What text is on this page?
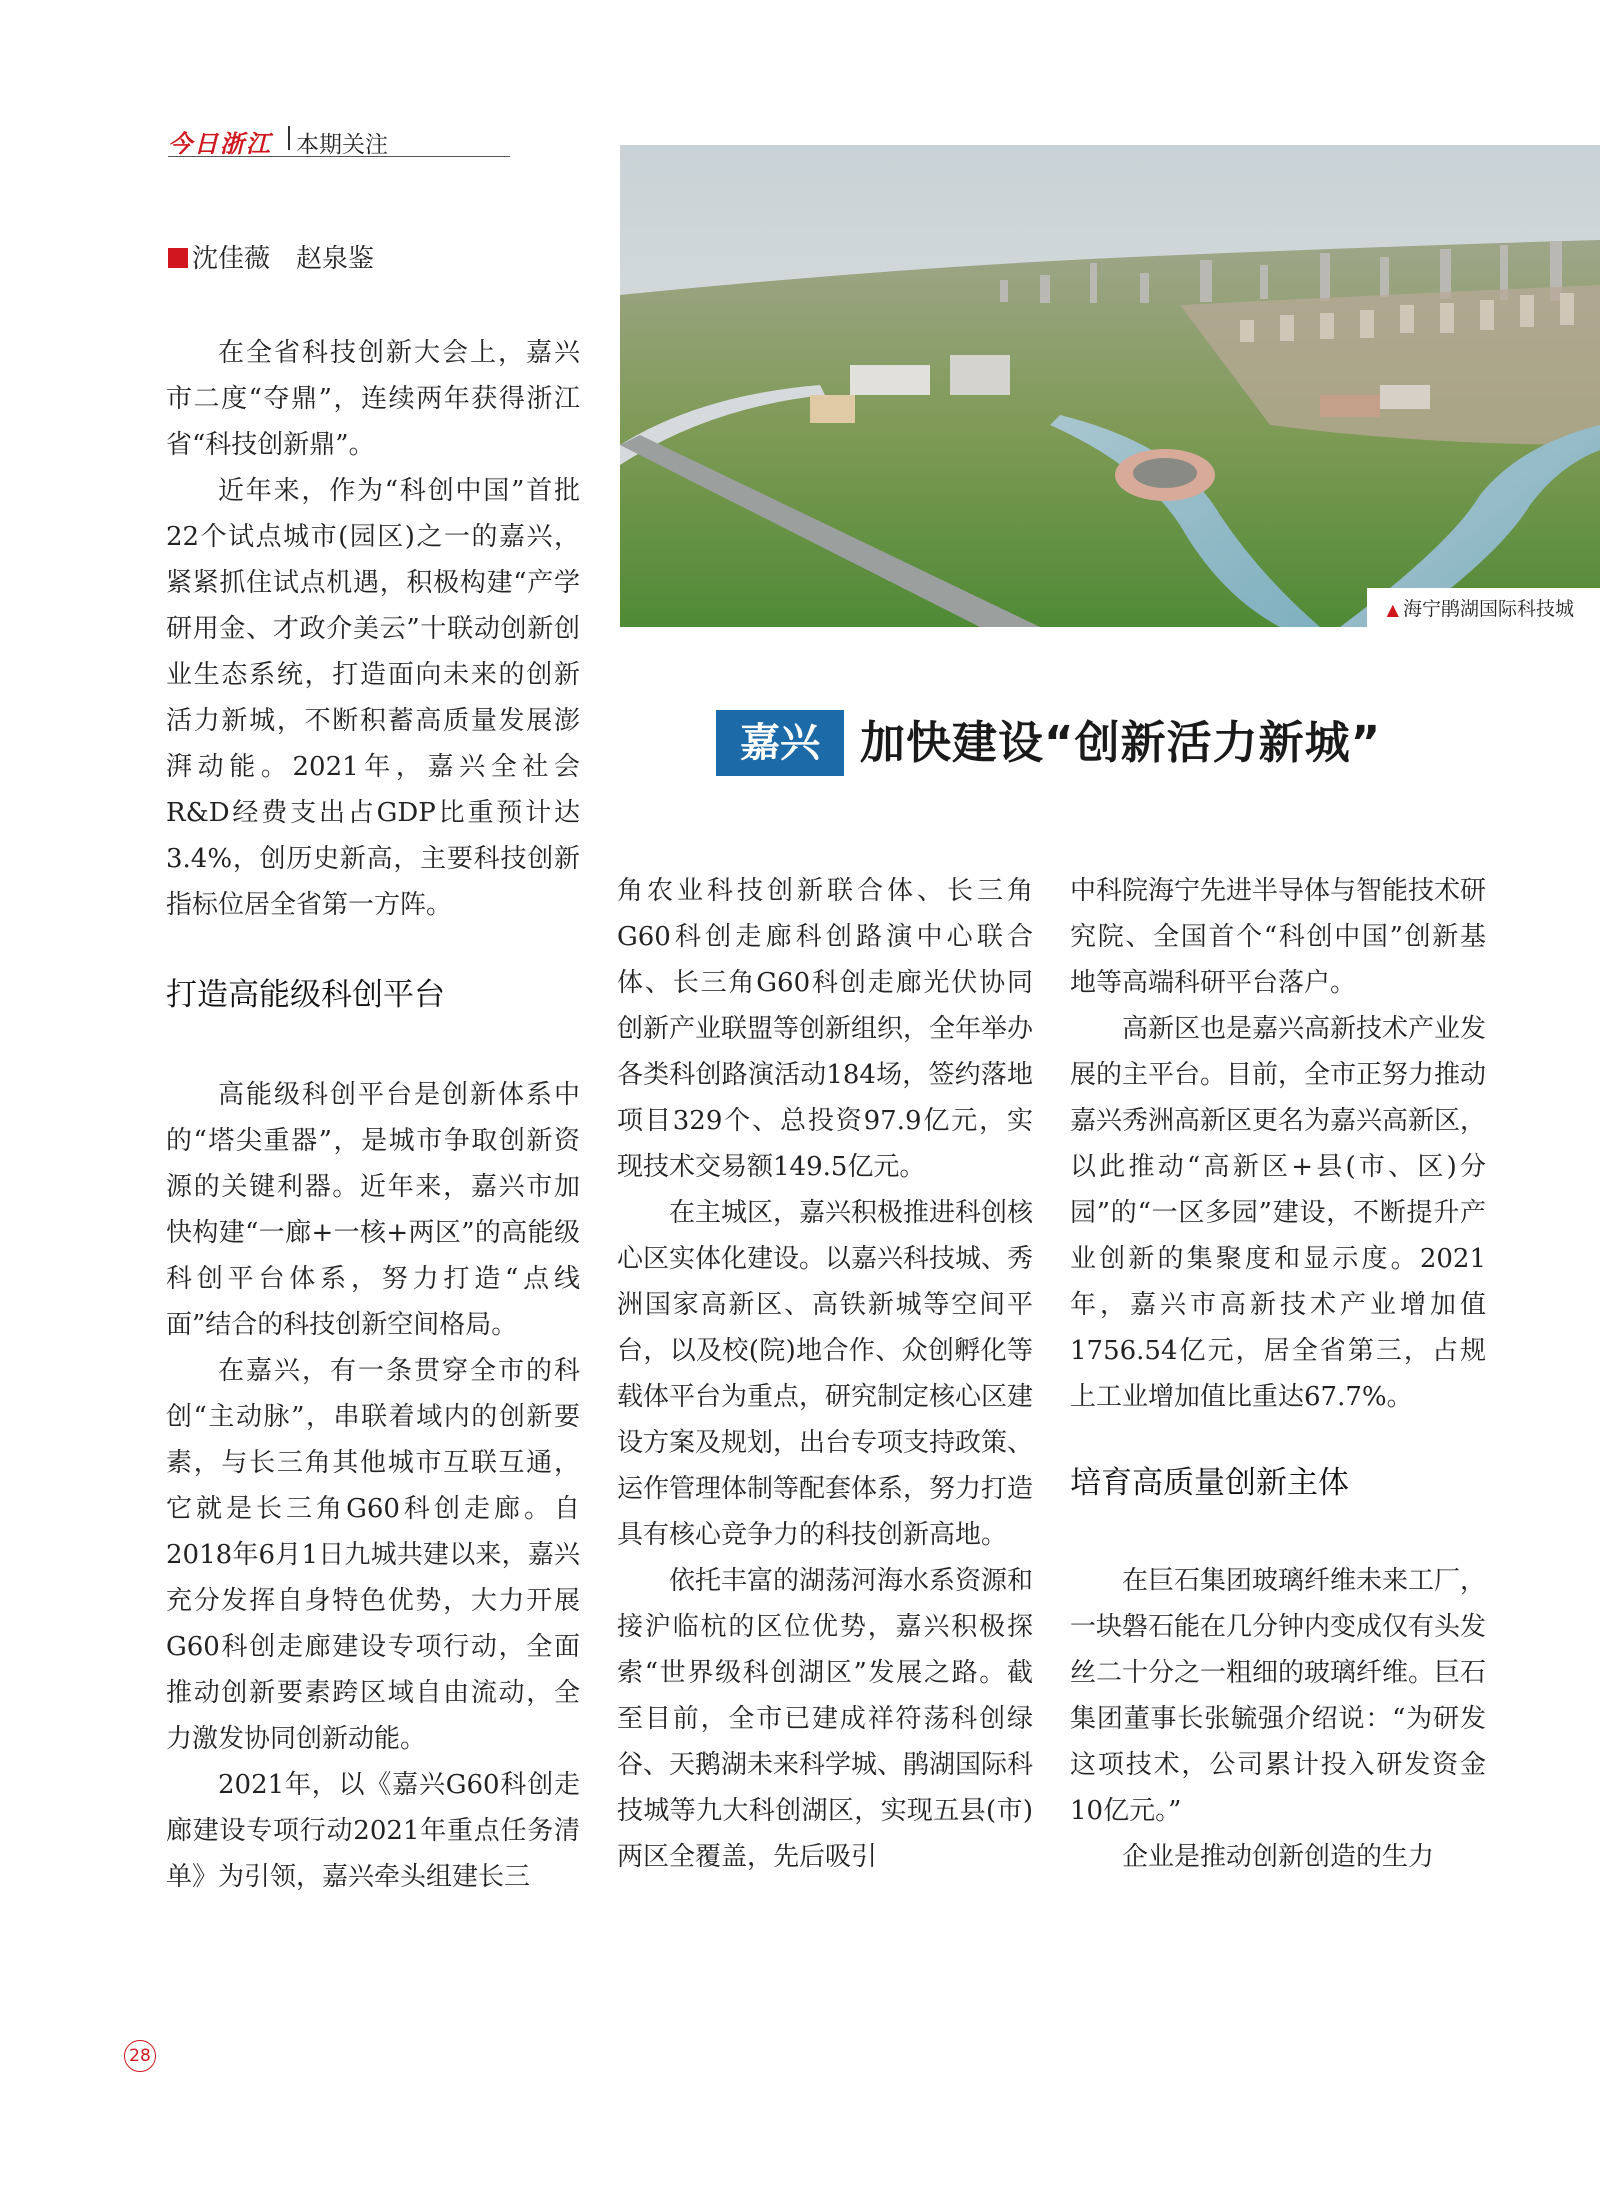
今日浙江 本期关注
沈佳薇 赵泉鉴
▲ 海宁鹃湖国际科技城
嘉兴 加快建设“创新活力新城”

在全省科技创新大会上，嘉兴市二度“夺鼎”，连续两年获得浙江省“科技创新鼎”。

近年来，作为“科创中国”首批22个试点城市(园区)之一的嘉兴，紧紧抓住试点机遇，积极构建“产学研用金、才政介美云”十联动创新创业生态系统，打造面向未来的创新活力新城，不断积蓄高质量发展澎湃动能。2021年，嘉兴全社会R&D经费支出占GDP比重预计达3.4%，创历史新高，主要科技创新指标位居全省第一方阵。

打造高能级科创平台

高能级科创平台是创新体系中的“塔尖重器”，是城市争取创新资源的关键利器。近年来，嘉兴市加快构建“一廊+一核+两区”的高能级科创平台体系，努力打造“点线面”结合的科技创新空间格局。

在嘉兴，有一条贯穿全市的科创“主动脉”，串联着域内的创新要素，与长三角其他城市互联互通，它就是长三角G60科创走廊。自2018年6月1日九城共建以来，嘉兴充分发挥自身特色优势，大力开展G60科创走廊建设专项行动，全面推动创新要素跨区域自由流动，全力激发协同创新动能。

2021年，以《嘉兴G60科创走廊建设专项行动2021年重点任务清单》为引领，嘉兴牵头组建长三

角农业科技创新联合体、长三角G60科创走廊科创路演中心联合体、长三角G60科创走廊光伏协同创新产业联盟等创新组织，全年举办各类科创路演活动184场，签约落地项目329个、总投资97.9亿元，实现技术交易额149.5亿元。

在主城区，嘉兴积极推进科创核心区实体化建设。以嘉兴科技城、秀洲国家高新区、高铁新城等空间平台，以及校(院)地合作、众创孵化等载体平台为重点，研究制定核心区建设方案及规划，出台专项支持政策、运作管理体制等配套体系，努力打造具有核心竞争力的科技创新高地。

依托丰富的湖荡河海水系资源和接沪临杭的区位优势，嘉兴积极探索“世界级科创湖区”发展之路。截至目前，全市已建成祥符荡科创绿谷、天鹅湖未来科学城、鹃湖国际科技城等九大科创湖区，实现五县(市)两区全覆盖，先后吸引

中科院海宁先进半导体与智能技术研究院、全国首个“科创中国”创新基地等高端科研平台落户。

高新区也是嘉兴高新技术产业发展的主平台。目前，全市正努力推动嘉兴秀洲高新区更名为嘉兴高新区，以此推动“高新区+县(市、区)分园”的“一区多园”建设，不断提升产业创新的集聚度和显示度。2021年，嘉兴市高新技术产业增加值1756.54亿元，居全省第三，占规上工业增加值比重达67.7%。

培育高质量创新主体

在巨石集团玻璃纤维未来工厂，一块磐石能在几分钟内变成仅有头发丝二十分之一粗细的玻璃纤维。巨石集团董事长张毓强介绍说：“为研发这项技术，公司累计投入研发资金10亿元。”

企业是推动创新创造的生力

28
